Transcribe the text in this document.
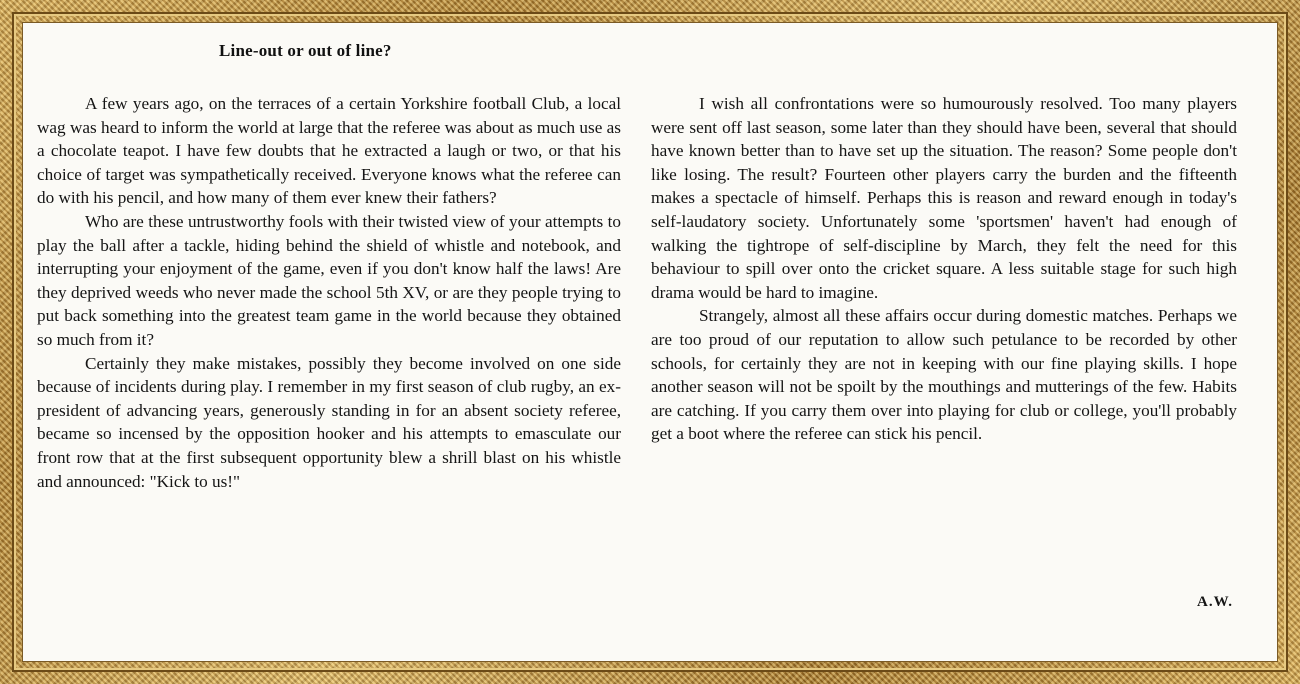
Line-out or out of line?

A few years ago, on the terraces of a certain Yorkshire football Club, a local wag was heard to inform the world at large that the referee was about as much use as a chocolate teapot. I have few doubts that he extracted a laugh or two, or that his choice of target was sympathetically received. Everyone knows what the referee can do with his pencil, and how many of them ever knew their fathers?

Who are these untrustworthy fools with their twisted view of your attempts to play the ball after a tackle, hiding behind the shield of whistle and notebook, and interrupting your enjoyment of the game, even if you don't know half the laws! Are they deprived weeds who never made the school 5th XV, or are they people trying to put back something into the greatest team game in the world because they obtained so much from it?

Certainly they make mistakes, possibly they become involved on one side because of incidents during play. I remember in my first season of club rugby, an ex-president of advancing years, generously standing in for an absent society referee, became so incensed by the opposition hooker and his attempts to emasculate our front row that at the first subsequent opportunity blew a shrill blast on his whistle and announced: "Kick to us!"

I wish all confrontations were so humourously resolved. Too many players were sent off last season, some later than they should have been, several that should have known better than to have set up the situation. The reason? Some people don't like losing. The result? Fourteen other players carry the burden and the fifteenth makes a spectacle of himself. Perhaps this is reason and reward enough in today's self-laudatory society. Unfortunately some 'sportsmen' haven't had enough of walking the tightrope of self-discipline by March, they felt the need for this behaviour to spill over onto the cricket square. A less suitable stage for such high drama would be hard to imagine.

Strangely, almost all these affairs occur during domestic matches. Perhaps we are too proud of our reputation to allow such petulance to be recorded by other schools, for certainly they are not in keeping with our fine playing skills. I hope another season will not be spoilt by the mouthings and mutterings of the few. Habits are catching. If you carry them over into playing for club or college, you'll probably get a boot where the referee can stick his pencil.

A.W.
